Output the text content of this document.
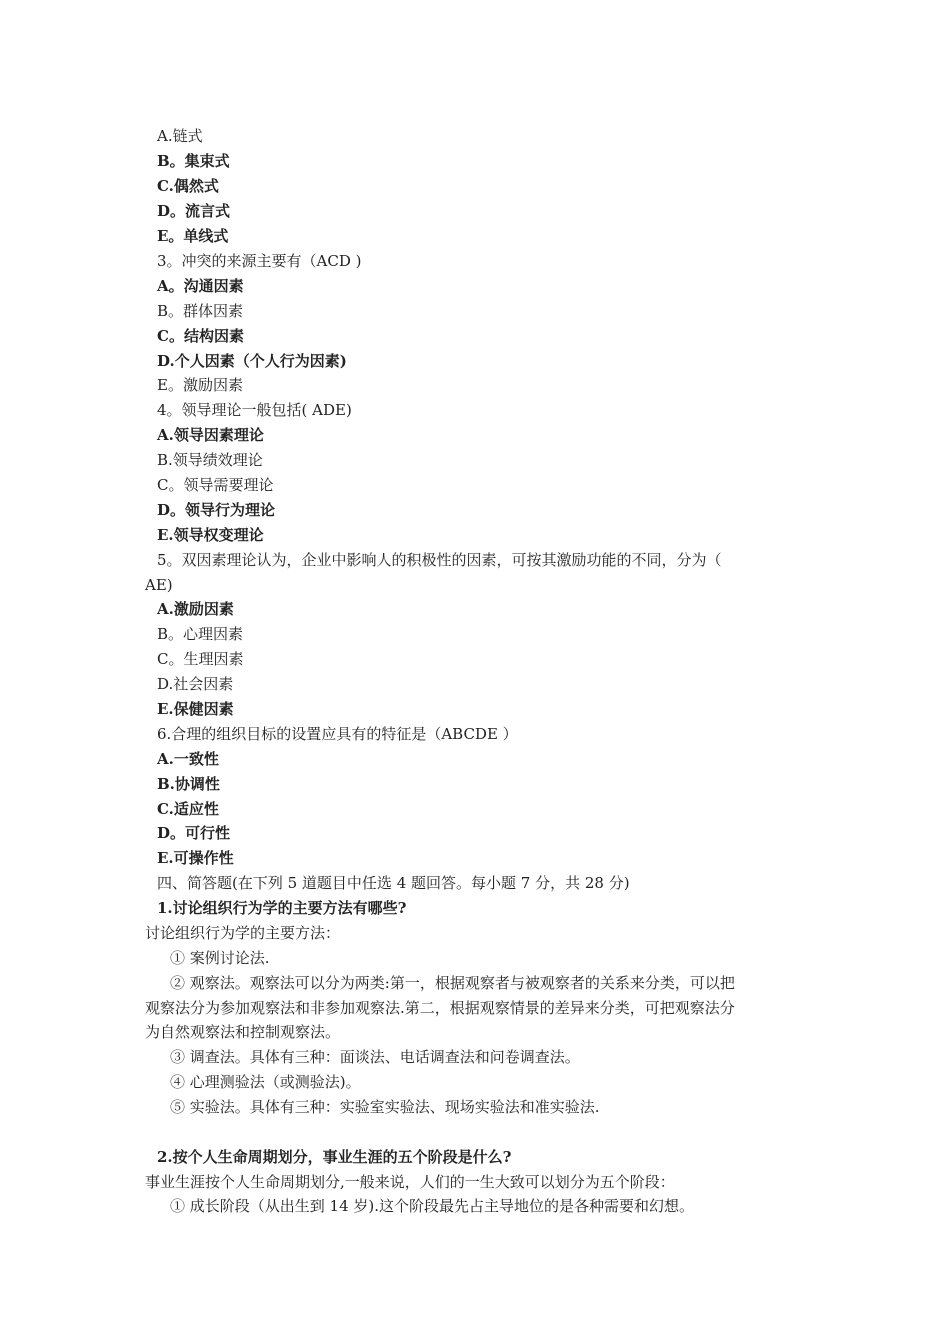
A.链式
B。集束式
C.偶然式
D。流言式
E。单线式
3。冲突的来源主要有（ACD )
A。沟通因素
B。群体因素
C。结构因素
D.个人因素（个人行为因素)
E。激励因素
4。领导理论一般包括( ADE)
A.领导因素理论
B.领导绩效理论
C。领导需要理论
D。领导行为理论
E.领导权变理论
5。双因素理论认为，企业中影响人的积极性的因素，可按其激励功能的不同，分为（
AE)
A.激励因素
B。心理因素
C。生理因素
D.社会因素
E.保健因素
6.合理的组织目标的设置应具有的特征是（ABCDE ）
A.一致性
B.协调性
C.适应性
D。可行性
E.可操作性
四、简答题(在下列 5 道题目中任选 4 题回答。每小题 7 分，共 28 分)
1.讨论组织行为学的主要方法有哪些?
讨论组织行为学的主要方法：
① 案例讨论法.
② 观察法。观察法可以分为两类:第一，根据观察者与被观察者的关系来分类，可以把
观察法分为参加观察法和非参加观察法.第二，根据观察情景的差异来分类，可把观察法分
为自然观察法和控制观察法。
③ 调查法。具体有三种：面谈法、电话调查法和问卷调查法。
④ 心理测验法（或测验法)。
⑤ 实验法。具体有三种：实验室实验法、现场实验法和准实验法.
2.按个人生命周期划分，事业生涯的五个阶段是什么?
事业生涯按个人生命周期划分,一般来说，人们的一生大致可以划分为五个阶段：
① 成长阶段（从出生到 14 岁).这个阶段最先占主导地位的是各种需要和幻想。
